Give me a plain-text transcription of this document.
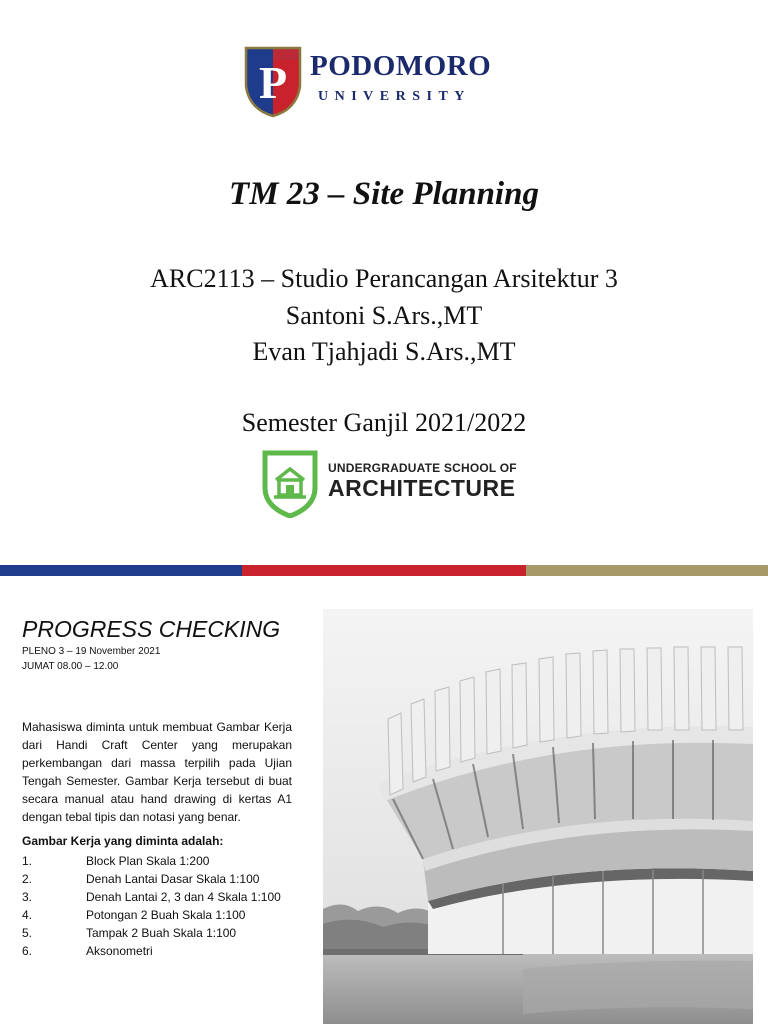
P PODOMORO
UNIVERSITY
TM 23 – Site Planning
ARC2113 – Studio Perancangan Arsitektur 3
Santoni S.Ars.,MT
Evan Tjahjadi S.Ars.,MT
Semester Ganjil 2021/2022
UNDERGRADUATE SCHOOL OF
ARCHITECTURE
PROGRESS CHECKING
PLENO 3 – 19 November 2021
JUMAT 08.00 – 12.00
Mahasiswa diminta untuk membuat Gambar Kerja dari Handi Craft Center yang merupakan perkembangan dari massa terpilih pada Ujian Tengah Semester. Gambar Kerja tersebut di buat secara manual atau hand drawing di kertas A1 dengan tebal tipis dan notasi yang benar.
Gambar Kerja yang diminta adalah:
1.	Block Plan Skala 1:200
2.	Denah Lantai Dasar Skala 1:100
3.	Denah Lantai 2, 3 dan 4 Skala 1:100
4.	Potongan 2 Buah Skala 1:100
5.	Tampak 2 Buah Skala 1:100
6.	Aksonometri
